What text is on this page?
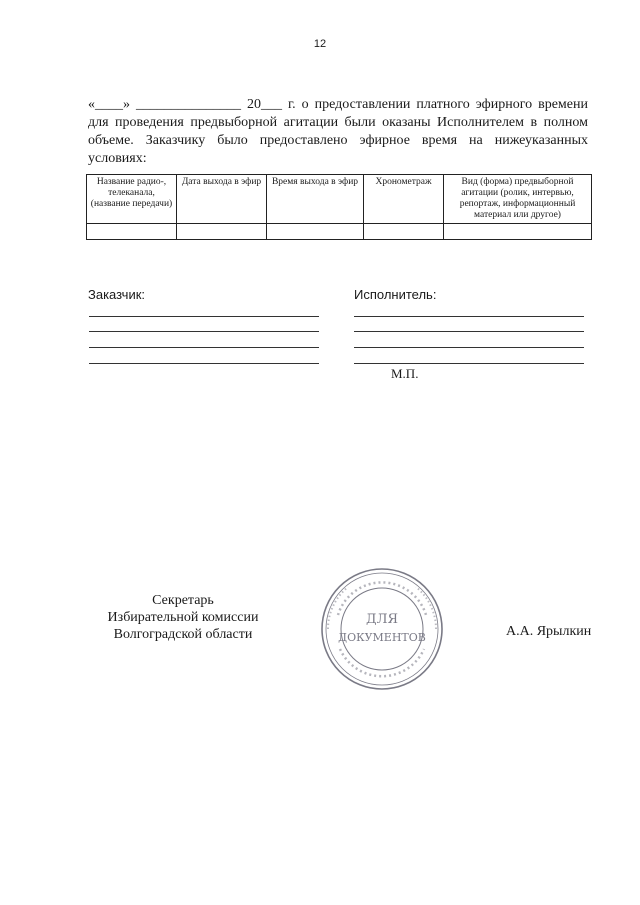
12
«____» _______________ 20___ г. о предоставлении платного эфирного времени для проведения предвыборной агитации были оказаны Исполнителем в полном объеме. Заказчику было предоставлено эфирное время на нижеуказанных условиях:
Название радио-, телеканала, (название передачи)	Дата выхода в эфир	Время выхода в эфир	Хронометраж	Вид (форма) предвыборной агитации (ролик, интервью, репортаж, информационный материал или другое)

Заказчик:	Исполнитель:
М.П.
Секретарь
Избирательной комиссии
Волгоградской области
ДЛЯ
ДОКУМЕНТОВ	А.А. Ярылкин
